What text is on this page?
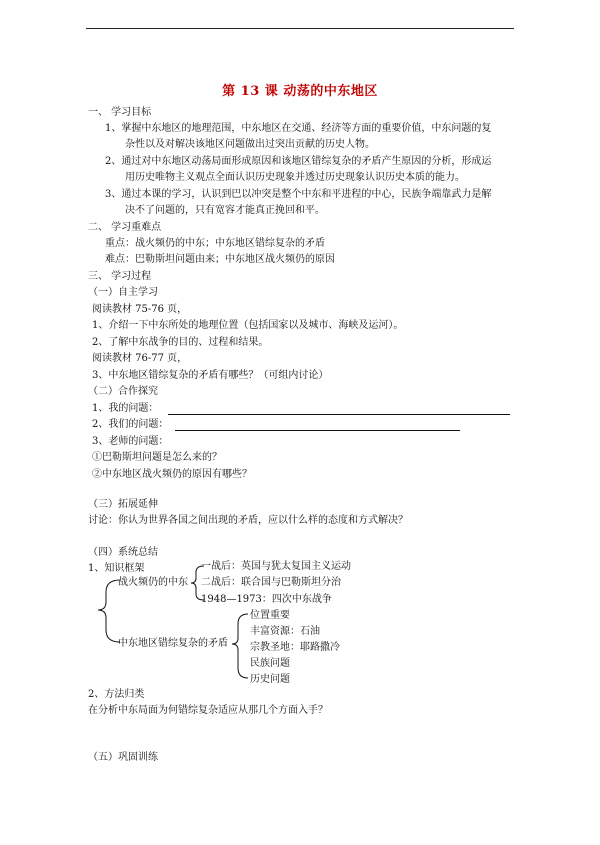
第 13 课 动荡的中东地区
一、 学习目标
1、掌握中东地区的地理范围，中东地区在交通、经济等方面的重要价值，中东问题的复
杂性以及对解决该地区问题做出过突出贡献的历史人物。
2、通过对中东地区动荡局面形成原因和该地区错综复杂的矛盾产生原因的分析，形成运
用历史唯物主义观点全面认识历史现象并透过历史现象认识历史本质的能力。
3、通过本课的学习，认识到巴以冲突是整个中东和平进程的中心，民族争端靠武力是解
决不了问题的，只有宽容才能真正挽回和平。
二、 学习重难点
重点：战火频仍的中东；中东地区错综复杂的矛盾
难点：巴勒斯坦问题由来；中东地区战火频仍的原因
三、 学习过程
（一）自主学习
阅读教材 75-76 页，
1、介绍一下中东所处的地理位置（包括国家以及城市、海峡及运河）。
2、了解中东战争的目的、过程和结果。
阅读教材 76-77 页，
3、中东地区错综复杂的矛盾有哪些？（可组内讨论）
（二）合作探究
1、我的问题：
2、我们的问题：
3、老师的问题：
①巴勒斯坦问题是怎么来的？
②中东地区战火频仍的原因有哪些？
（三）拓展延伸
讨论：你认为世界各国之间出现的矛盾，应以什么样的态度和方式解决？
（四）系统总结
1、知识框架
战火频仍的中东
一战后：英国与犹太复国主义运动
二战后：联合国与巴勒斯坦分治
1948—1973：四次中东战争
中东地区错综复杂的矛盾
位置重要
丰富资源：石油
宗教圣地：耶路撒冷
民族问题
历史问题
2、方法归类
在分析中东局面为何错综复杂适应从那几个方面入手？
（五）巩固训练
